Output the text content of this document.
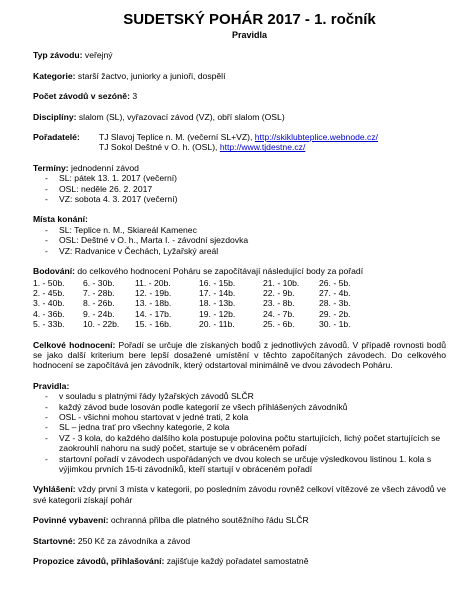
SUDETSKÝ POHÁR 2017 - 1. ročník
Pravidla
Typ závodu: veřejný
Kategorie: starší žactvo, juniorky a junioři, dospělí
Počet závodů v sezóně: 3
Disciplíny: slalom (SL), vyřazovací závod (VZ), obří slalom (OSL)
Pořadatelé:	TJ Slavoj Teplice n. M. (večerní SL+VZ), http://skiklubteplice.webnode.cz/
TJ Sokol Deštné v O. h. (OSL), http://www.tjdestne.cz/
Termíny: jednodenní závod
- SL: pátek 13. 1. 2017 (večerní)
- OSL: neděle 26. 2. 2017
- VZ: sobota 4. 3. 2017 (večerní)
Místa konání:
- SL: Teplice n. M., Skiareál Kamenec
- OSL: Deštné v O. h., Marta I. - závodní sjezdovka
- VZ: Radvanice v Čechách, Lyžařský areál
Bodování: do celkového hodnocení Poháru se započítávají následující body za pořadí
1. - 50b.	6. - 30b.	11. - 20b.	16. - 15b.	21. - 10b.	26. - 5b.
2. - 45b.	7. - 28b.	12. - 19b.	17. - 14b.	22. - 9b.	27. - 4b.
3. - 40b.	8. - 26b.	13. - 18b.	18. - 13b.	23. - 8b.	28. - 3b.
4. - 36b.	9. - 24b.	14. - 17b.	19. - 12b.	24. - 7b.	29. - 2b.
5. - 33b.	10. - 22b.	15. - 16b.	20. - 11b.	25. - 6b.	30. - 1b.
Celkové hodnocení: Pořadí se určuje dle získaných bodů z jednotlivých závodů. V případě rovnosti bodů se jako další kriterium bere lepší dosažené umístění v těchto započítaných závodech. Do celkového hodnocení se započítává jen závodník, který odstartoval minimálně ve dvou závodech Poháru.
Pravidla:
- v souladu s platnými řády lyžařských závodů SLČR
- každý závod bude losován podle kategorií ze všech přihlášených závodníků
- OSL - všichni mohou startovat v jedné trati, 2 kola
- SL – jedna trať pro všechny kategorie, 2 kola
- VZ - 3 kola, do každého dalšího kola postupuje polovina počtu startujících, lichý počet startujících se zaokrouhlí nahoru na sudý počet, startuje se v obráceném pořadí
- startovní pořadí v závodech uspořádaných ve dvou kolech se určuje výsledkovou listinou 1. kola s výjimkou prvních 15-ti závodníků, kteří startují v obráceném pořadí
Vyhlášení: vždy první 3 místa v kategorii, po posledním závodu rovněž celkoví vítězové ze všech závodů ve své kategorii získají pohár
Povinné vybavení: ochranná přilba dle platného soutěžního řádu SLČR
Startovné: 250 Kč za závodníka a závod
Propozice závodů, přihlašování: zajišťuje každý pořadatel samostatně
